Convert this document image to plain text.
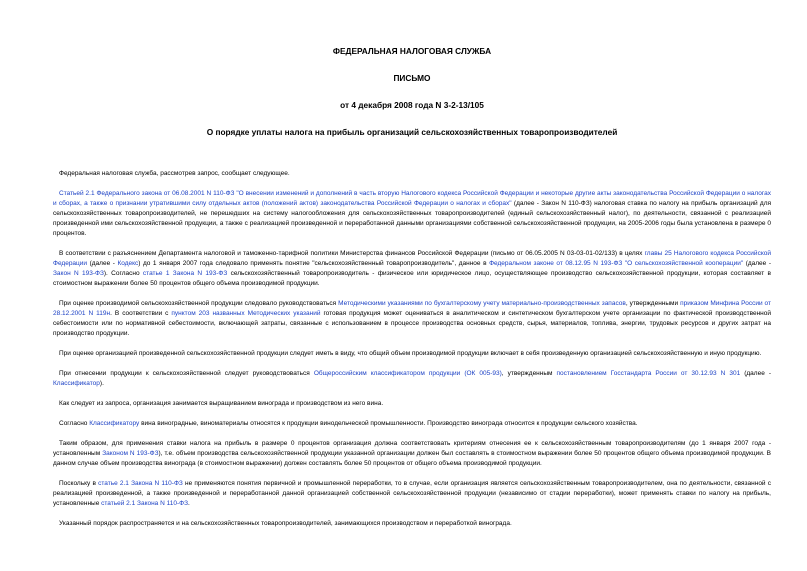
ФЕДЕРАЛЬНАЯ НАЛОГОВАЯ СЛУЖБА
ПИСЬМО
от 4 декабря 2008 года N 3-2-13/105
О порядке уплаты налога на прибыль организаций сельскохозяйственных товаропроизводителей

Федеральная налоговая служба, рассмотрев запрос, сообщает следующее.

Статьей 2.1 Федерального закона от 06.08.2001 N 110-ФЗ "О внесении изменений и дополнений в часть вторую Налогового кодекса Российской Федерации и некоторые другие акты законодательства Российской Федерации о налогах и сборах, а также о признании утратившими силу отдельных актов (положений актов) законодательства Российской Федерации о налогах и сборах" (далее - Закон N 110-ФЗ) налоговая ставка по налогу на прибыль организаций для сельскохозяйственных товаропроизводителей, не перешедших на систему налогообложения для сельскохозяйственных товаропроизводителей (единый сельскохозяйственный налог), по деятельности, связанной с реализацией произведенной ими сельскохозяйственной продукции, а также с реализацией произведенной и переработанной данными организациями собственной сельскохозяйственной продукции, на 2005-2006 годы была установлена в размере 0 процентов.

В соответствии с разъяснением Департамента налоговой и таможенно-тарифной политики Министерства финансов Российской Федерации (письмо от 06.05.2005 N 03-03-01-02/133) в целях главы 25 Налогового кодекса Российской Федерации (далее - Кодекс) до 1 января 2007 года следовало применять понятие "сельскохозяйственный товаропроизводитель", данное в Федеральном законе от 08.12.95 N 193-ФЗ "О сельскохозяйственной кооперации" (далее - Закон N 193-ФЗ). Согласно статье 1 Закона N 193-ФЗ сельскохозяйственный товаропроизводитель - физическое или юридическое лицо, осуществляющее производство сельскохозяйственной продукции, которая составляет в стоимостном выражении более 50 процентов общего объема производимой продукции.

При оценке производимой сельскохозяйственной продукции следовало руководствоваться Методическими указаниями по бухгалтерскому учету материально-производственных запасов, утвержденными приказом Минфина России от 28.12.2001 N 119н. В соответствии с пунктом 203 названных Методических указаний готовая продукция может оцениваться в аналитическом и синтетическом бухгалтерском учете организации по фактической производственной себестоимости или по нормативной себестоимости, включающей затраты, связанные с использованием в процессе производства основных средств, сырья, материалов, топлива, энергии, трудовых ресурсов и других затрат на производство продукции.

При оценке организацией произведенной сельскохозяйственной продукции следует иметь в виду, что общий объем производимой продукции включает в себя произведенную организацией сельскохозяйственную и иную продукцию.

При отнесении продукции к сельскохозяйственной следует руководствоваться Общероссийским классификатором продукции (ОК 005-93), утвержденным постановлением Госстандарта России от 30.12.93 N 301 (далее - Классификатор).

Как следует из запроса, организация занимается выращиванием винограда и производством из него вина.

Согласно Классификатору вина виноградные, виноматериалы относятся к продукции винодельческой промышленности. Производство винограда относится к продукции сельского хозяйства.

Таким образом, для применения ставки налога на прибыль в размере 0 процентов организация должна соответствовать критериям отнесения ее к сельскохозяйственным товаропроизводителям (до 1 января 2007 года - установленным Законом N 193-ФЗ), т.е. объем производства сельскохозяйственной продукции указанной организации должен был составлять в стоимостном выражении более 50 процентов общего объема производимой продукции. В данном случае объем производства винограда (в стоимостном выражении) должен составлять более 50 процентов от общего объема производимой продукции.

Поскольку в статье 2.1 Закона N 110-ФЗ не применяются понятия первичной и промышленной переработки, то в случае, если организация является сельскохозяйственным товаропроизводителем, она по деятельности, связанной с реализацией произведенной, а также произведенной и переработанной данной организацией собственной сельскохозяйственной продукции (независимо от стадии переработки), может применять ставки по налогу на прибыль, установленные статьей 2.1 Закона N 110-ФЗ.

Указанный порядок распространяется и на сельскохозяйственных товаропроизводителей, занимающихся производством и переработкой винограда.
